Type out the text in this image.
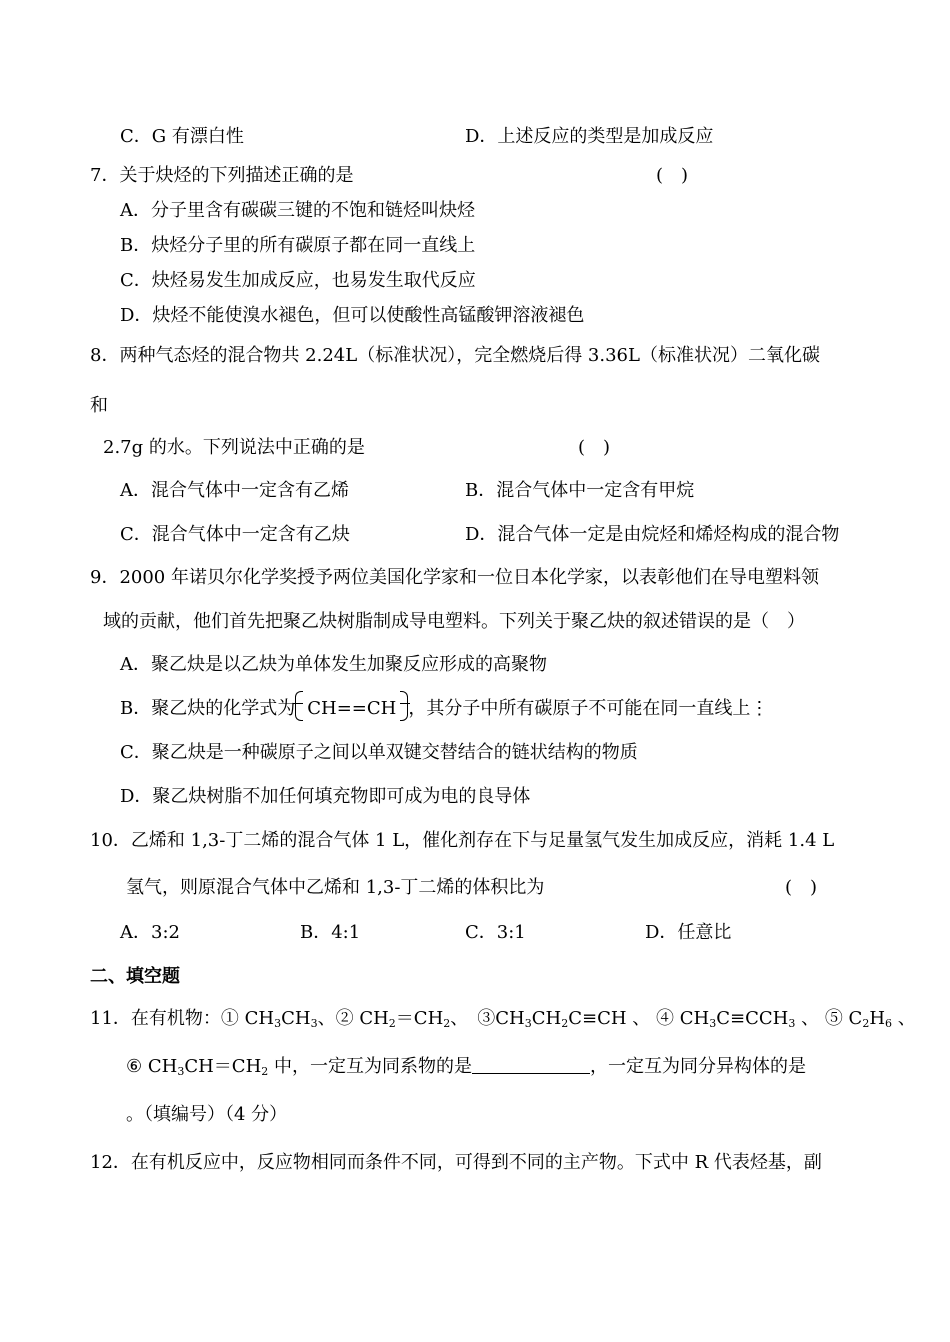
C．G 有漂白性	D．上述反应的类型是加成反应
7．关于炔烃的下列描述正确的是	(　)
A．分子里含有碳碳三键的不饱和链烃叫炔烃
B．炔烃分子里的所有碳原子都在同一直线上
C．炔烃易发生加成反应，也易发生取代反应
D．炔烃不能使溴水褪色，但可以使酸性高锰酸钾溶液褪色
8．两种气态烃的混合物共 2.24L（标准状况），完全燃烧后得 3.36L（标准状况）二氧化碳
和
2.7g 的水。下列说法中正确的是	(　)
A．混合气体中一定含有乙烯	B．混合气体中一定含有甲烷
C．混合气体中一定含有乙炔	D．混合气体一定是由烷烃和烯烃构成的混合物
9．2000 年诺贝尔化学奖授予两位美国化学家和一位日本化学家，以表彰他们在导电塑料领
域的贡献，他们首先把聚乙炔树脂制成导电塑料。下列关于聚乙炔的叙述错误的是（　）
A．聚乙炔是以乙炔为单体发生加聚反应形成的高聚物
B．聚乙炔的化学式为 CH==CH ，其分子中所有碳原子不可能在同一直线上⋮
C．聚乙炔是一种碳原子之间以单双键交替结合的链状结构的物质
D．聚乙炔树脂不加任何填充物即可成为电的良导体
10．乙烯和 1,3-丁二烯的混合气体 1 L，催化剂存在下与足量氢气发生加成反应，消耗 1.4 L
氢气，则原混合气体中乙烯和 1,3-丁二烯的体积比为	(　)
A．3:2	B．4:1	C．3:1	D．任意比
二、填空题
11．在有机物：① $CH_3CH_3$、② $CH_2=CH_2$、　$③CH_3CH_2C\equiv CH$ 、 ④ $CH_3C\equiv CCH_3$ 、 ⑤ $C_2H_6$ 、
⑥ $CH_3CH=CH_2$ 中，一定互为同系物的是	，一定互为同分异构体的是
。（填编号）（4 分）
12．在有机反应中，反应物相同而条件不同，可得到不同的主产物。下式中 R 代表烃基，副
